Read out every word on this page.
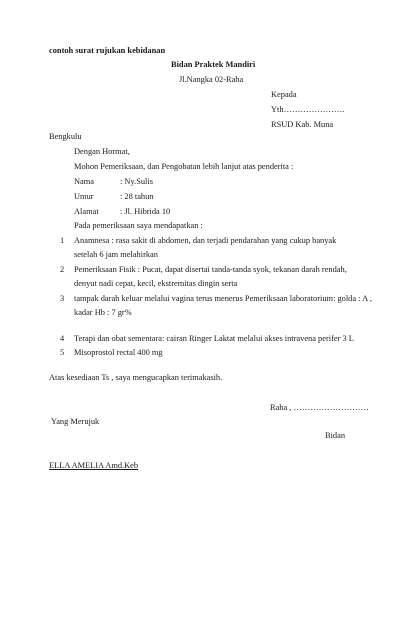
contoh surat rujukan kebidanan
Bidan Praktek Mandiri
Jl.Nangka 02-Raha
Kepada
Yth………………….
RSUD Kab. Muna
Bengkulu
Dengan Hormat,
Mohon Pemeriksaan, dan Pengobatan lebih lanjut atas penderita :
Nama	: Ny.Sulis
Umur	: 28 tahun
Alamat	: Jl. Hibrida 10
Pada pemeriksaan saya mendapatkan :
1 Anamnesa : rasa sakit di abdomen, dan terjadi pendarahan yang cukup banyak
setelah 6 jam melahirkan
2 Pemeriksaan Fisik : Pucat, dapat disertai tanda-tanda syok, tekanan darah rendah,
denyut nadi cepat, kecil, ekstremitas dingin serta
3 tampak darah keluar melalui vagina terus menerus Pemeriksaan laboratorium: golda : A ,
kadar Hb : 7 gr%
4 Terapi dan obat sementara: cairan Ringer Laktat melalui akses intravena perifer 3 L
5 Misoprostol rectal 400 mg
Atas kesediaan Ts , saya mengucapkan terimakasih.
Raha , ………………………
Yang Merujuk
Bidan
ELLA AMELIA Amd.Keb
